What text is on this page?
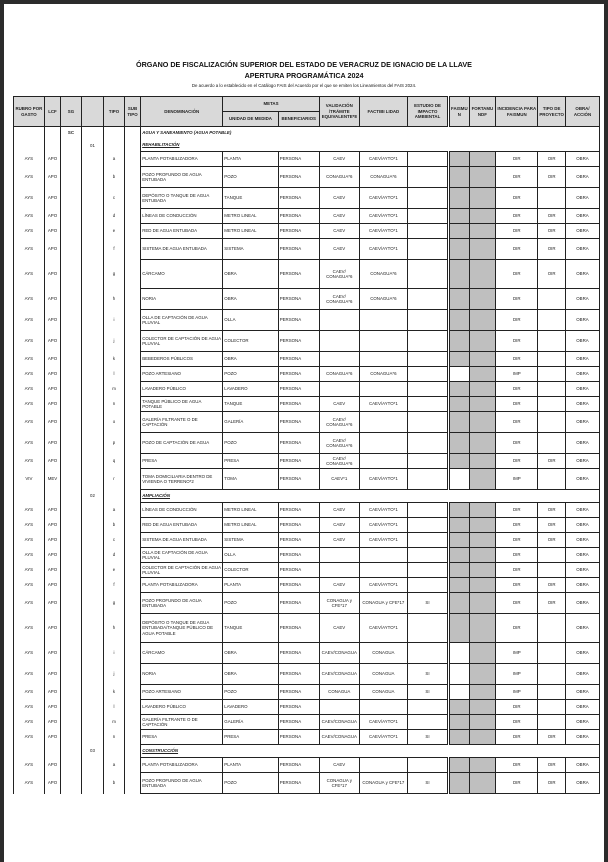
ÓRGANO DE FISCALIZACIÓN SUPERIOR DEL ESTADO DE VERACRUZ DE IGNACIO DE LA LLAVE
APERTURA PROGRAMÁTICA 2024
De acuerdo a lo establecido en el Catálogo FAIS del Acuerdo por el que se emiten los Lineamientos del FAIS 2024.
RUBRO POR GASTO	LCF	SG		TIPO	SUB TIPO	DENOMINACIÓN	METAS		VALIDACIÓN /TRÁMITE EQUIVALENTE*8	FACTIBI LIDAD	ESTUDIO DE IMPACTO AMBIENTAL	FAISMU N	FORTAMU NDF	INCIDENCIA PARA FAISMUN	TIPO DE PROYECTO	OBRA/ ACCIÓN
							UNIDAD DE MEDIDA	BENEFICIARIOS								
		SC				AGUA Y SANEAMIENTO (AGUA POTABLE)										
			01			REHABILITACIÓN										
AYS	APO			a		PLANTA POTABILIZADORA	PLANTA	PERSONA	CAEV	CAEV/AYTO*1				DIR	OIR	OBRA
AYS	APO			b		POZO PROFUNDO DE AGUA ENTUBADA	POZO	PERSONA	CONAGUA*6	CONAGUA*6				DIR	OIR	OBRA
AYS	APO			c		DEPÓSITO O TANQUE DE AGUA ENTUBADA	TANQUE	PERSONA	CAEV	CAEV/AYTO*1				DIR		OBRA
AYS	APO			d		LÍNEAS DE CONDUCCIÓN	METRO LINEAL	PERSONA	CAEV	CAEV/AYTO*1				DIR	OIR	OBRA
AYS	APO			e		RED DE AGUA ENTUBADA	METRO LINEAL	PERSONA	CAEV	CAEV/AYTO*1				DIR	OIR	OBRA
AYS	APO			f		SISTEMA DE AGUA ENTUBADA	SISTEMA	PERSONA	CAEV	CAEV/AYTO*1				DIR	OIR	OBRA
AYS	APO			g		CÁRCAMO	OBRA	PERSONA	CAEV/ CONAGUA*6	CONAGUA*6				DIR	OIR	OBRA
AYS	APO			h		NORIA	OBRA	PERSONA	CAEV/ CONAGUA*6	CONAGUA*6				DIR		OBRA
AYS	APO			i		OLLA DE CAPTACIÓN DE AGUA PLUVIAL	OLLA	PERSONA						DIR		OBRA
AYS	APO			j		COLECTOR DE CAPTACIÓN DE AGUA PLUVIAL	COLECTOR	PERSONA						DIR		OBRA
AYS	APO			k		BEBEDEROS PÚBLICOS	OBRA	PERSONA						DIR		OBRA
AYS	APO			l		POZO ARTESIANO	POZO	PERSONA	CONAGUA*6	CONAGUA*6				IMP		OBRA
AYS	APO			m		LAVADERO PÚBLICO	LAVADERO	PERSONA						DIR		OBRA
AYS	APO			n		TANQUE PÚBLICO DE AGUA POTABLE	TANQUE	PERSONA	CAEV	CAEV/AYTO*1				DIR		OBRA
AYS	APO			o		GALERÍA FILTRANTE O DE CAPTACIÓN	GALERÍA	PERSONA	CAEV/ CONAGUA*6					DIR		OBRA
AYS	APO			p		POZO DE CAPTACIÓN DE AGUA	POZO	PERSONA	CAEV/ CONAGUA*6					DIR		OBRA
AYS	APO			q		PRESA	PRESA	PERSONA	CAEV/ CONAGUA*6					DIR	OIR	OBRA
VIV	MEV			r		TOMA DOMICILIARIA DENTRO DE VIVIENDA O TERRENO*2	TOMA	PERSONA	CAEV*1	CAEV/AYTO*1				IMP		OBRA
			02			AMPLIACIÓN										
AYS	APO			a		LÍNEAS DE CONDUCCIÓN	METRO LINEAL	PERSONA	CAEV	CAEV/AYTO*1				DIR	OIR	OBRA
AYS	APO			b		RED DE AGUA ENTUBADA	METRO LINEAL	PERSONA	CAEV	CAEV/AYTO*1				DIR	OIR	OBRA
AYS	APO			c		SISTEMA DE AGUA ENTUBADA	SISTEMA	PERSONA	CAEV	CAEV/AYTO*1				DIR	OIR	OBRA
AYS	APO			d		OLLA DE CAPTACIÓN DE AGUA PLUVIAL	OLLA	PERSONA						DIR		OBRA
AYS	APO			e		COLECTOR DE CAPTACIÓN DE AGUA PLUVIAL	COLECTOR	PERSONA						DIR		OBRA
AYS	APO			f		PLANTA POTABILIZADORA	PLANTA	PERSONA	CAEV	CAEV/AYTO*1				DIR	OIR	OBRA
AYS	APO			g		POZO PROFUNDO DE AGUA ENTUBADA	POZO	PERSONA	CONAGUA y CFE*17	CONAGUA y CFE*17	SI			DIR	OIR	OBRA
AYS	APO			h		DEPÓSITO O TANQUE DE AGUA ENTUBADA/TANQUE PÚBLICO DE AGUA POTABLE	TANQUE	PERSONA	CAEV	CAEV/AYTO*1				DIR		OBRA
AYS	APO			i		CÁRCAMO	OBRA	PERSONA	CAEV/CONAGUA	CONAGUA				IMP		OBRA
AYS	APO			j		NORIA	OBRA	PERSONA	CAEV/CONAGUA	CONAGUA	SI			IMP		OBRA
AYS	APO			k		POZO ARTESIANO	POZO	PERSONA	CONAGUA	CONAGUA	SI			IMP		OBRA
AYS	APO			l		LAVADERO PÚBLICO	LAVADERO	PERSONA						DIR		OBRA
AYS	APO			m		GALERÍA FILTRANTE O DE CAPTACIÓN	GALERÍA	PERSONA	CAEV/CONAGUA	CAEV/AYTO*1				DIR		OBRA
AYS	APO			n		PRESA	PRESA	PERSONA	CAEV/CONAGUA	CAEV/AYTO*1	SI			DIR	OIR	OBRA
			03			CONSTRUCCIÓN										
AYS	APO			a		PLANTA POTABILIZADORA	PLANTA	PERSONA	CAEV					DIR	OIR	OBRA
AYS	APO			b		POZO PROFUNDO DE AGUA ENTUBADA	POZO	PERSONA	CONAGUA y CFE*17	CONAGUA y CFE*17	SI			DIR	OIR	OBRA
